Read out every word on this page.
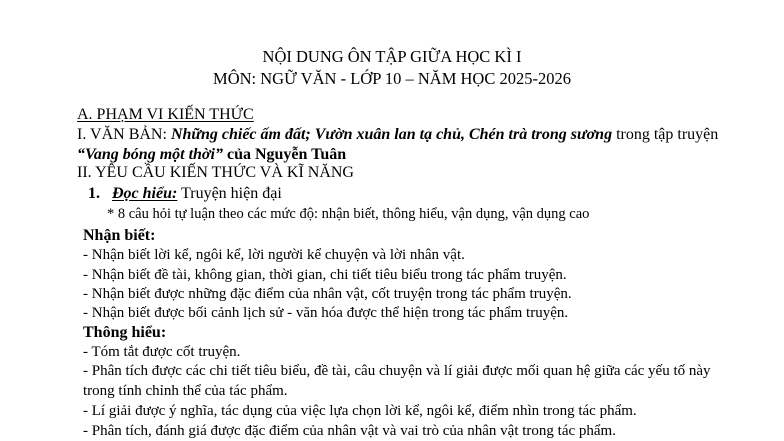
NỘI DUNG ÔN TẬP GIỮA HỌC KÌ I
MÔN: NGỮ VĂN - LỚP 10 – NĂM HỌC 2025-2026
A. PHẠM VI KIẾN THỨC
I. VĂN BẢN: Những chiếc ấm đất; Vườn xuân lan tạ chủ, Chén trà trong sương trong tập truyện
“Vang bóng một thời” của Nguyễn Tuân
II. YÊU CẦU KIẾN THỨC VÀ KĨ NĂNG
1. Đọc hiểu: Truyện hiện đại
* 8 câu hỏi tự luận theo các mức độ: nhận biết, thông hiểu, vận dụng, vận dụng cao
Nhận biết:
- Nhận biết lời kể, ngôi kể, lời người kể chuyện và lời nhân vật.
- Nhận biết đề tài, không gian, thời gian, chi tiết tiêu biểu trong tác phẩm truyện.
- Nhận biết được những đặc điểm của nhân vật, cốt truyện trong tác phẩm truyện.
- Nhận biết được bối cảnh lịch sử - văn hóa được thể hiện trong tác phẩm truyện.
Thông hiểu:
- Tóm tắt được cốt truyện.
- Phân tích được các chi tiết tiêu biểu, đề tài, câu chuyện và lí giải được mối quan hệ giữa các yếu tố này
trong tính chỉnh thể của tác phẩm.
- Lí giải được ý nghĩa, tác dụng của việc lựa chọn lời kể, ngôi kể, điểm nhìn trong tác phẩm.
- Phân tích, đánh giá được đặc điểm của nhân vật và vai trò của nhân vật trong tác phẩm.
